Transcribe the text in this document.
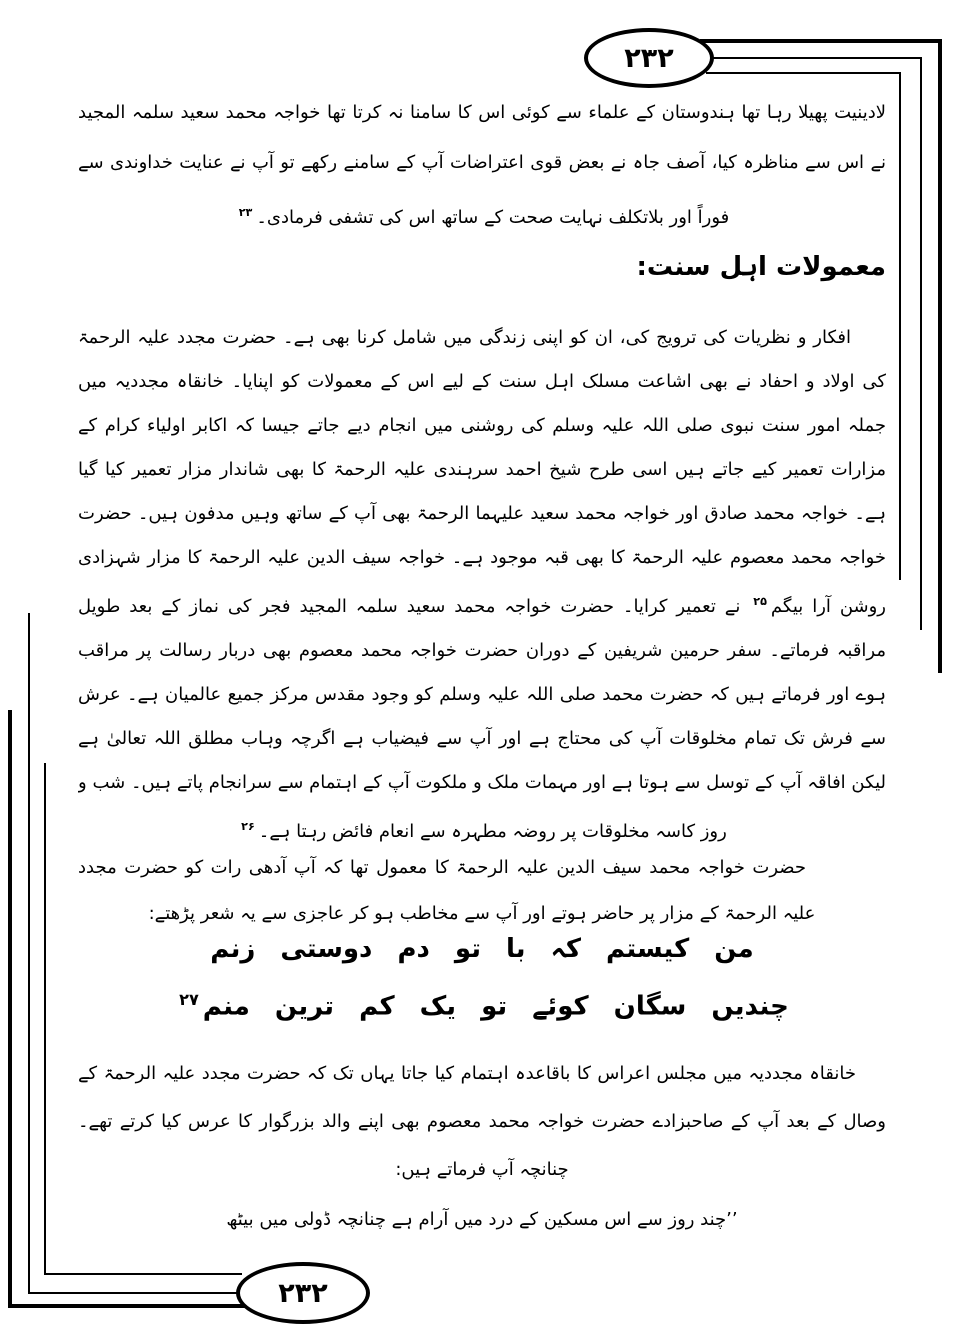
۲۳۲
۲۳۲

لادینیت پھیلا رہا تھا ہندوستان کے علماء سے کوئی اس کا سامنا نہ کرتا تھا خواجہ محمد سعید سلمہ المجید نے اس سے مناظرہ کیا، آصف جاہ نے بعض قوی اعتراضات آپ کے سامنے رکھے تو آپ نے عنایت خداوندی سے فوراً اور بلاتکلف نہایت صحت کے ساتھ اس کی تشفی فرمادی۔$^{۲۳}$

معمولات اہل سنت:

افکار و نظریات کی ترویج کی، ان کو اپنی زندگی میں شامل کرنا بھی ہے۔ حضرت مجدد علیہ الرحمۃ کی اولاد و احفاد نے بھی اشاعت مسلک اہل سنت کے لیے اس کے معمولات کو اپنایا۔ خانقاہ مجددیہ میں جملہ امور سنت نبوی صلی اللہ علیہ وسلم کی روشنی میں انجام دیے جاتے جیسا کہ اکابر اولیاء کرام کے مزارات تعمیر کیے جاتے ہیں اسی طرح شیخ احمد سرہندی علیہ الرحمۃ کا بھی شاندار مزار تعمیر کیا گیا ہے۔ خواجہ محمد صادق اور خواجہ محمد سعید علیہما الرحمۃ بھی آپ کے ساتھ وہیں مدفون ہیں۔ حضرت خواجہ محمد معصوم علیہ الرحمۃ کا بھی قبہ موجود ہے۔ خواجہ سیف الدین علیہ الرحمۃ کا مزار شہزادی روشن آرا بیگم$^{۲۵}$ نے تعمیر کرایا۔ حضرت خواجہ محمد سعید سلمہ المجید فجر کی نماز کے بعد طویل مراقبہ فرماتے۔ سفر حرمین شریفین کے دوران حضرت خواجہ محمد معصوم بھی دربار رسالت پر مراقب ہوے اور فرماتے ہیں کہ حضرت محمد صلی اللہ علیہ وسلم کو وجود مقدس مرکز جمیع عالمیان ہے۔ عرش سے فرش تک تمام مخلوقات آپ کی محتاج ہے اور آپ سے فیضیاب ہے اگرچہ وہاب مطلق اللہ تعالیٰ ہے لیکن افاقہ آپ کے توسل سے ہوتا ہے اور مہمات ملک و ملکوت آپ کے اہتمام سے سرانجام پاتے ہیں۔ شب و روز کاسہ مخلوقات پر روضہ مطہرہ سے انعام فائض رہتا ہے۔$^{۲۶}$

حضرت خواجہ محمد سیف الدین علیہ الرحمۃ کا معمول تھا کہ آپ آدھی رات کو حضرت مجدد علیہ الرحمۃ کے مزار پر حاضر ہوتے اور آپ سے مخاطب ہو کر عاجزی سے یہ شعر پڑھتے:

من کیستم کہ با تو دم دوستی زنم
چندیں سگان کوئے تو یک کم ترین منم$^{۲۷}$

خانقاہ مجددیہ میں مجلس اعراس کا باقاعدہ اہتمام کیا جاتا یہاں تک کہ حضرت مجدد علیہ الرحمۃ کے وصال کے بعد آپ کے صاحبزادے حضرت خواجہ محمد معصوم بھی اپنے والد بزرگوار کا عرس کیا کرتے تھے۔ چنانچہ آپ فرماتے ہیں:

’’چند روز سے اس مسکین کے درد میں آرام ہے چنانچہ ڈولی میں بیٹھ
